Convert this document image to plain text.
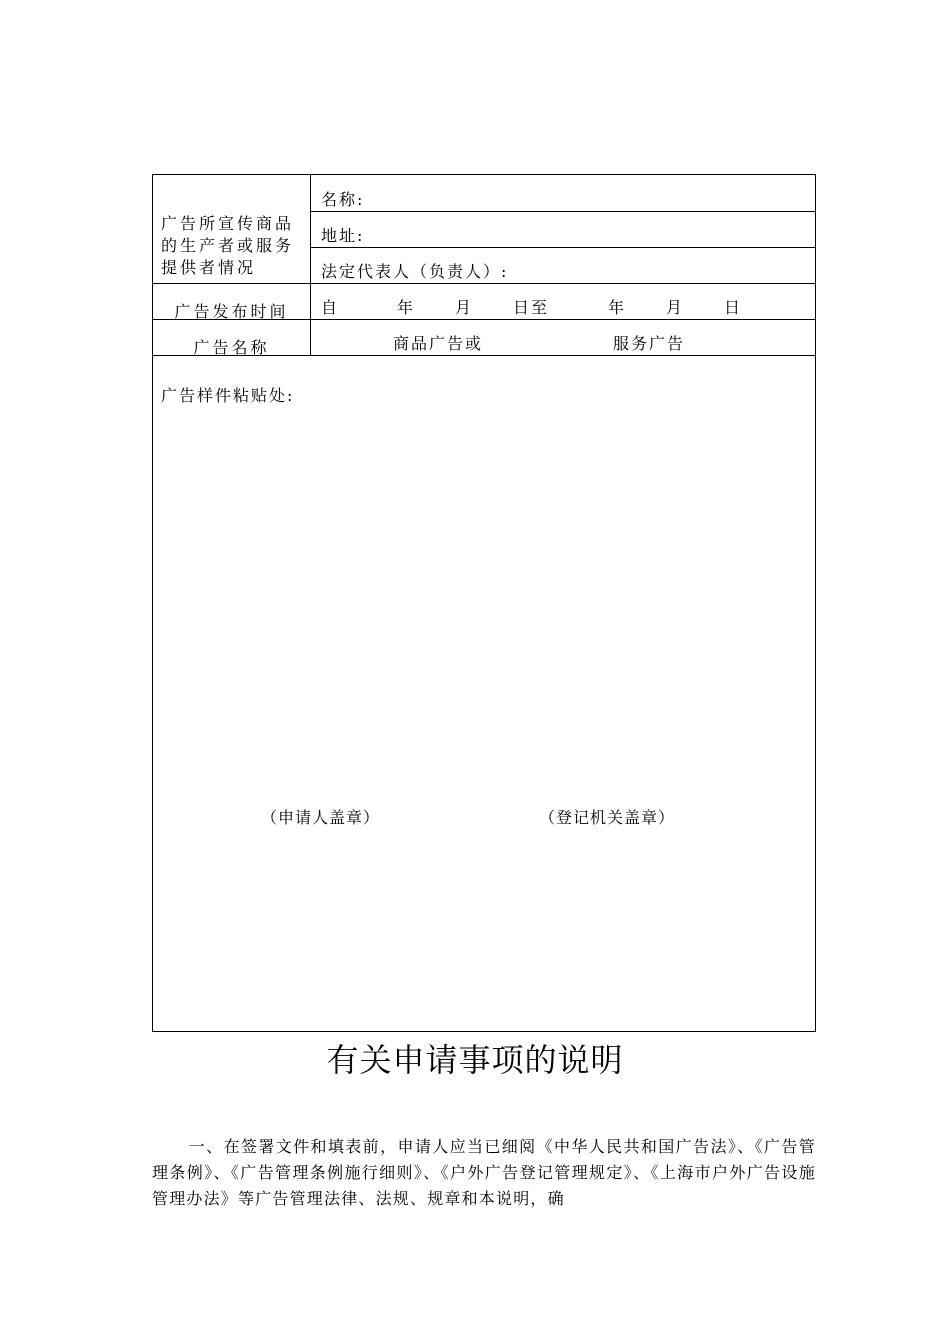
广告所宣传商品的生产者或服务提供者情况
名称:
地址:
法定代表人（负责人）:
广告发布时间	自	年 月 日至	年 月 日
广告名称	商品广告或	服务广告
广告样件粘贴处:
（申请人盖章）	（登记机关盖章）
有关申请事项的说明
一、在签署文件和填表前，申请人应当已细阅《中华人民共和国广告法》、《广告管理条例》、《广告管理条例施行细则》、《户外广告登记管理规定》、《上海市户外广告设施管理办法》等广告管理法律、法规、规章和本说明，确
